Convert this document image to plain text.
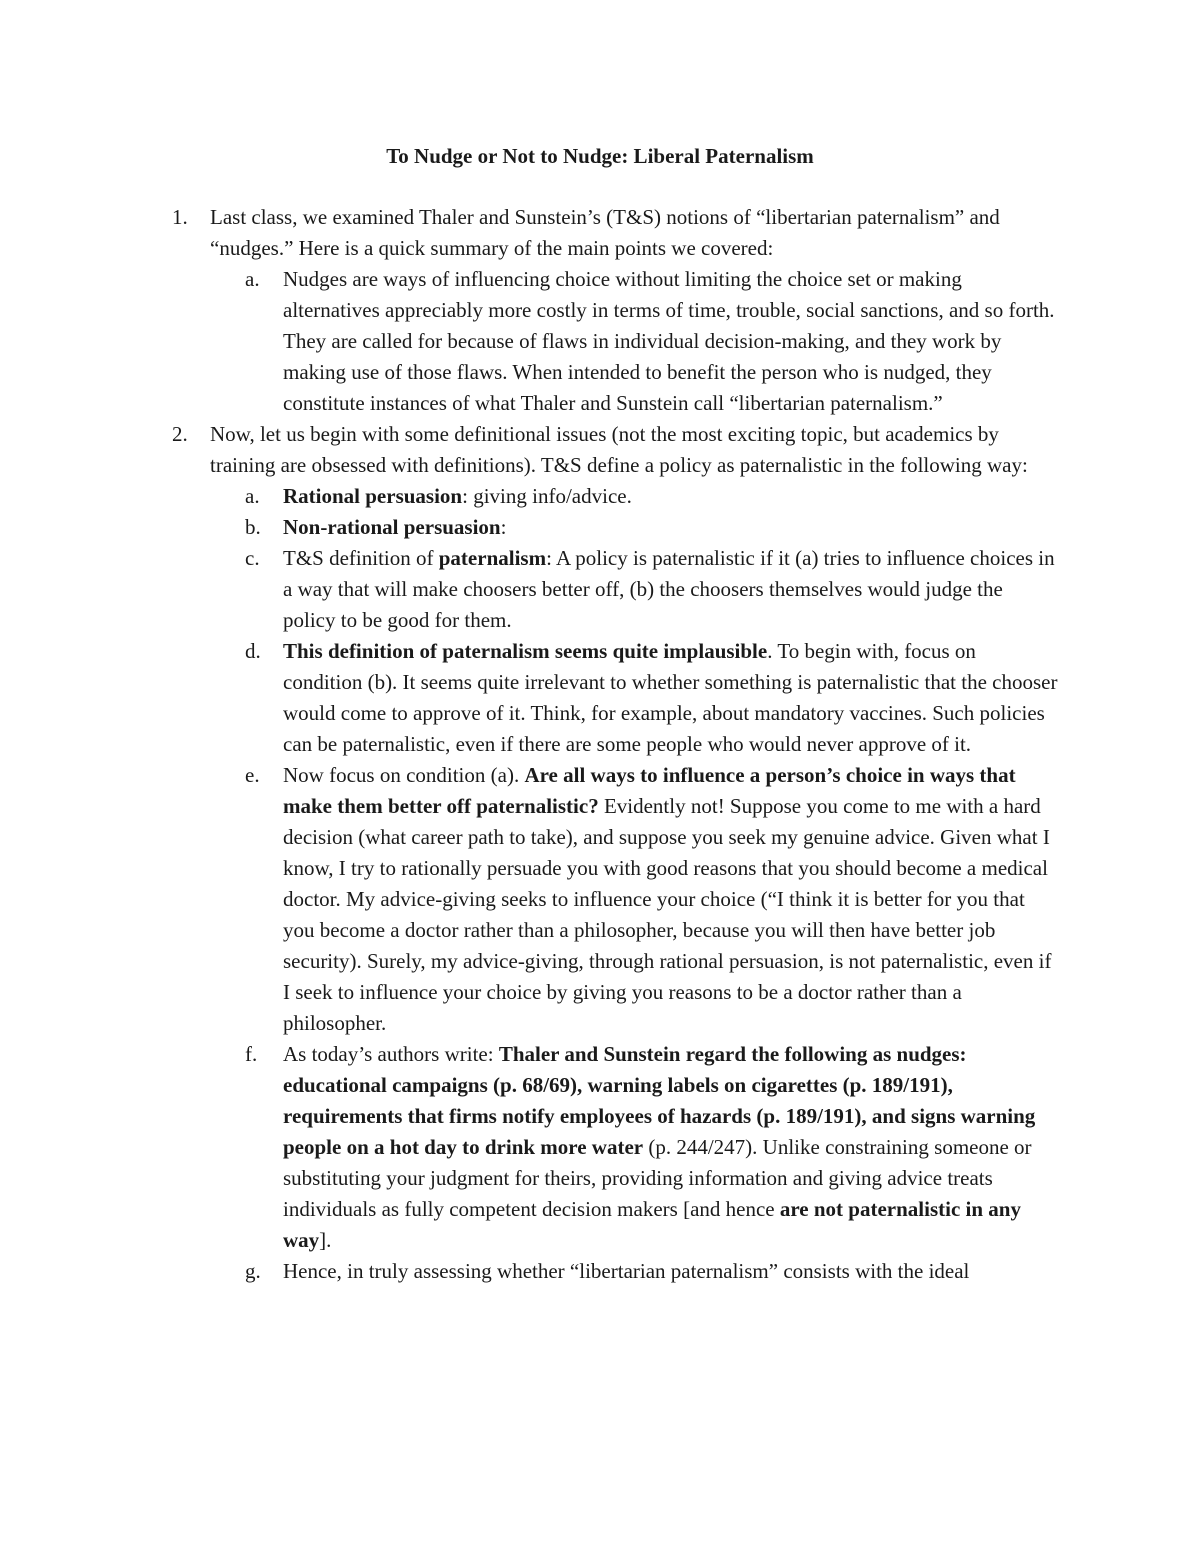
To Nudge or Not to Nudge: Liberal Paternalism
1. Last class, we examined Thaler and Sunstein’s (T&S) notions of “libertarian paternalism” and “nudges.” Here is a quick summary of the main points we covered:
a. Nudges are ways of influencing choice without limiting the choice set or making alternatives appreciably more costly in terms of time, trouble, social sanctions, and so forth. They are called for because of flaws in individual decision-making, and they work by making use of those flaws. When intended to benefit the person who is nudged, they constitute instances of what Thaler and Sunstein call “libertarian paternalism.”
2. Now, let us begin with some definitional issues (not the most exciting topic, but academics by training are obsessed with definitions). T&S define a policy as paternalistic in the following way:
a. Rational persuasion: giving info/advice.
b. Non-rational persuasion:
c. T&S definition of paternalism: A policy is paternalistic if it (a) tries to influence choices in a way that will make choosers better off, (b) the choosers themselves would judge the policy to be good for them.
d. This definition of paternalism seems quite implausible. To begin with, focus on condition (b). It seems quite irrelevant to whether something is paternalistic that the chooser would come to approve of it. Think, for example, about mandatory vaccines. Such policies can be paternalistic, even if there are some people who would never approve of it.
e. Now focus on condition (a). Are all ways to influence a person’s choice in ways that make them better off paternalistic? Evidently not! Suppose you come to me with a hard decision (what career path to take), and suppose you seek my genuine advice. Given what I know, I try to rationally persuade you with good reasons that you should become a medical doctor. My advice-giving seeks to influence your choice (“I think it is better for you that you become a doctor rather than a philosopher, because you will then have better job security). Surely, my advice-giving, through rational persuasion, is not paternalistic, even if I seek to influence your choice by giving you reasons to be a doctor rather than a philosopher.
f. As today’s authors write: Thaler and Sunstein regard the following as nudges: educational campaigns (p. 68/69), warning labels on cigarettes (p. 189/191), requirements that firms notify employees of hazards (p. 189/191), and signs warning people on a hot day to drink more water (p. 244/247). Unlike constraining someone or substituting your judgment for theirs, providing information and giving advice treats individuals as fully competent decision makers [and hence are not paternalistic in any way].
g. Hence, in truly assessing whether “libertarian paternalism” consists with the ideal
